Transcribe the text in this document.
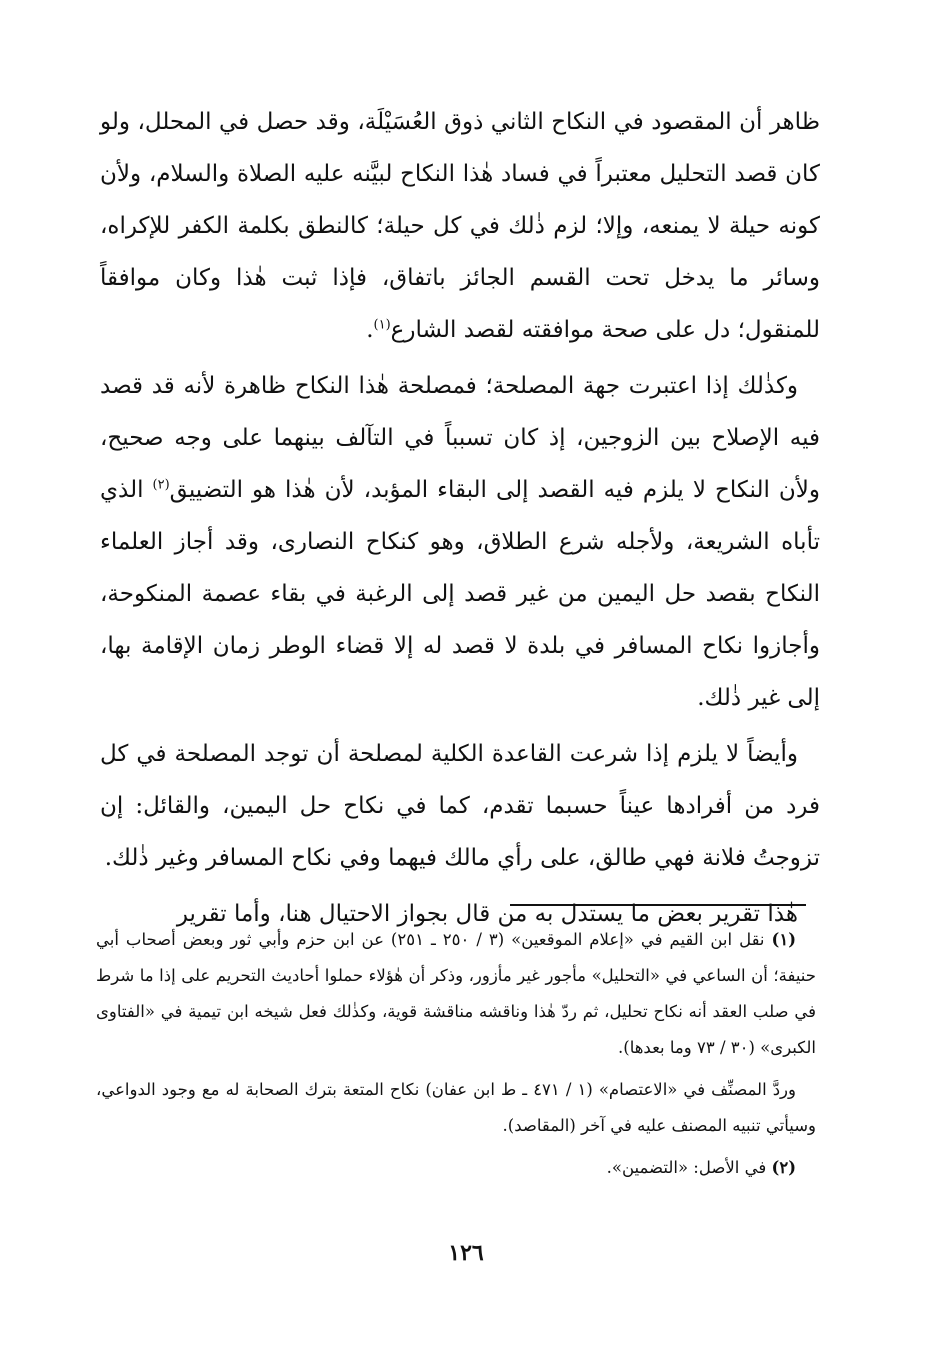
ظاهر أن المقصود في النكاح الثاني ذوق العُسَيْلَة، وقد حصل في المحلل، ولو كان قصد التحليل معتبراً في فساد هٰذا النكاح لبيَّنه عليه الصلاة والسلام، ولأن كونه حيلة لا يمنعه، وإلا؛ لزم ذٰلك في كل حيلة؛ كالنطق بكلمة الكفر للإكراه، وسائر ما يدخل تحت القسم الجائز باتفاق، فإذا ثبت هٰذا وكان موافقاً للمنقول؛ دل على صحة موافقته لقصد الشارع$^{(١)}$.

وكذٰلك إذا اعتبرت جهة المصلحة؛ فمصلحة هٰذا النكاح ظاهرة لأنه قد قصد فيه الإصلاح بين الزوجين، إذ كان تسبباً في التآلف بينهما على وجه صحيح، ولأن النكاح لا يلزم فيه القصد إلى البقاء المؤبد، لأن هٰذا هو التضييق$^{(٢)}$ الذي تأباه الشريعة، ولأجله شرع الطلاق، وهو كنكاح النصارى، وقد أجاز العلماء النكاح بقصد حل اليمين من غير قصد إلى الرغبة في بقاء عصمة المنكوحة، وأجازوا نكاح المسافر في بلدة لا قصد له إلا قضاء الوطر زمان الإقامة بها، إلى غير ذٰلك.

وأيضاً لا يلزم إذا شرعت القاعدة الكلية لمصلحة أن توجد المصلحة في كل فرد من أفرادها عيناً حسبما تقدم، كما في نكاح حل اليمين، والقائل: إن تزوجتُ فلانة فهي طالق، على رأي مالك فيهما وفي نكاح المسافر وغير ذٰلك.

هٰذا تقرير بعض ما يستدل به من قال بجواز الاحتيال هنا، وأما تقرير

(١) نقل ابن القيم في «إعلام الموقعين» (٣ / ٢٥٠ ـ ٢٥١) عن ابن حزم وأبي ثور وبعض أصحاب أبي حنيفة؛ أن الساعي في «التحليل» مأجور غير مأزور، وذكر أن هٰؤلاء حملوا أحاديث التحريم على إذا ما شرط في صلب العقد أنه نكاح تحليل، ثم ردّ هٰذا وناقشه مناقشة قوية، وكذٰلك فعل شيخه ابن تيمية في «الفتاوى الكبرى» (٣٠ / ٧٣ وما بعدها).

وردَّ المصنِّف في «الاعتصام» (١ / ٤٧١ ـ ط ابن عفان) نكاح المتعة بترك الصحابة له مع وجود الدواعي، وسيأتي تنبيه المصنف عليه في آخر (المقاصد).

(٢) في الأصل: «التضمين».

١٢٦
